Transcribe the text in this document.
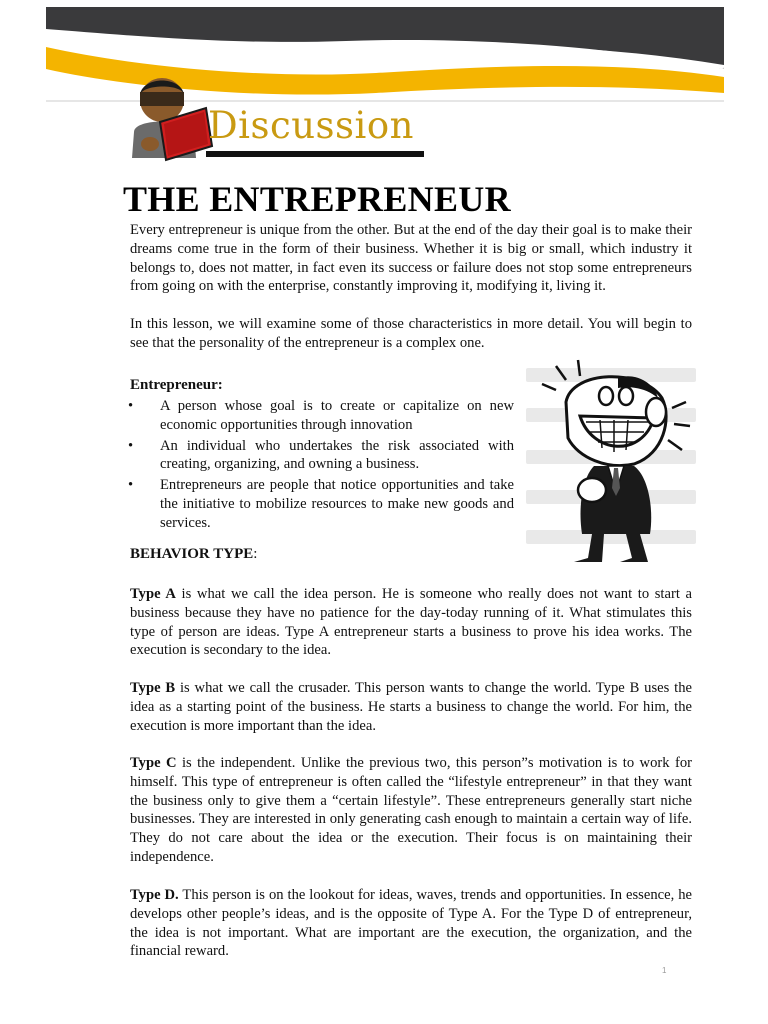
Discussion
THE ENTREPRENEUR

Every entrepreneur is unique from the other. But at the end of the day their goal is to make their dreams come true in the form of their business. Whether it is big or small, which industry it belongs to, does not matter, in fact even its success or failure does not stop some entrepreneurs from going on with the enterprise, constantly improving it, modifying it, living it.

In this lesson, we will examine some of those characteristics in more detail. You will begin to see that the personality of the entrepreneur is a complex one.

Entrepreneur:

• A person whose goal is to create or capitalize on new economic opportunities through innovation
• An individual who undertakes the risk associated with creating, organizing, and owning a business.
• Entrepreneurs are people that notice opportunities and take the initiative to mobilize resources to make new goods and services.

BEHAVIOR TYPE:

Type A is what we call the idea person. He is someone who really does not want to start a business because they have no patience for the day-today running of it. What stimulates this type of person are ideas. Type A entrepreneur starts a business to prove his idea works. The execution is secondary to the idea.

Type B is what we call the crusader. This person wants to change the world. Type B uses the idea as a starting point of the business. He starts a business to change the world. For him, the execution is more important than the idea.

Type C is the independent. Unlike the previous two, this person”s motivation is to work for himself. This type of entrepreneur is often called the “lifestyle entrepreneur” in that they want the business only to give them a “certain lifestyle”. These entrepreneurs generally start niche businesses. They are interested in only generating cash enough to maintain a certain way of life. They do not care about the idea or the execution. Their focus is on maintaining their independence.

Type D. This person is on the lookout for ideas, waves, trends and opportunities. In essence, he develops other people’s ideas, and is the opposite of Type A. For the Type D of entrepreneur, the idea is not important. What are important are the execution, the organization, and the financial reward.

1
